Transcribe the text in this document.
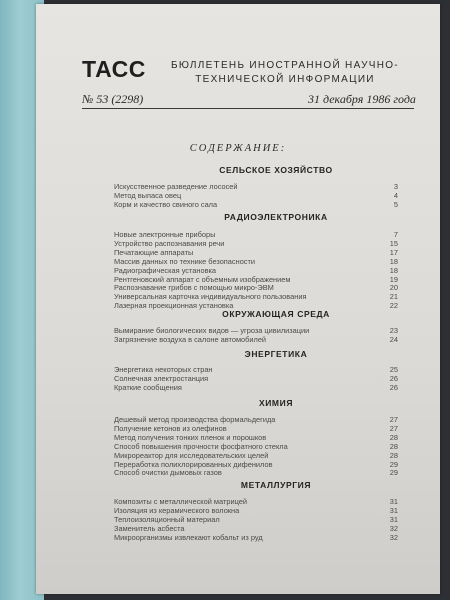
ТАСС	БЮЛЛЕТЕНЬ ИНОСТРАННОЙ НАУЧНО-
ТЕХНИЧЕСКОЙ ИНФОРМАЦИИ
№ 53 (2298)	31 декабря 1986 года
СОДЕРЖАНИЕ:
СЕЛЬСКОЕ ХОЗЯЙСТВО
Искусственное разведение лососей	3
Метод выпаса овец	4
Корм и качество свиного сала	5
РАДИОЭЛЕКТРОНИКА
Новые электронные приборы	7
Устройство распознавания речи	15
Печатающие аппараты	17
Массив данных по технике безопасности	18
Радиографическая установка	18
Рентгеновский аппарат с объемным изображением	19
Распознавание грибов с помощью микро-ЭВМ	20
Универсальная карточка индивидуального пользования	21
Лазерная проекционная установка	22
ОКРУЖАЮЩАЯ СРЕДА
Вымирание биологических видов — угроза цивилизации	23
Загрязнение воздуха в салоне автомобилей	24
ЭНЕРГЕТИКА
Энергетика некоторых стран	25
Солнечная электростанция	26
Краткие сообщения	26
ХИМИЯ
Дешевый метод производства формальдегида	27
Получение кетонов из олефинов	27
Метод получения тонких пленок и порошков	28
Способ повышения прочности фосфатного стекла	28
Микрореактор для исследовательских целей	28
Переработка полихлорированных дифенилов	29
Способ очистки дымовых газов	29
МЕТАЛЛУРГИЯ
Композиты с металлической матрицей	31
Изоляция из керамического волокна	31
Теплоизоляционный материал	31
Заменитель асбеста	32
Микроорганизмы извлекают кобальт из руд	32
